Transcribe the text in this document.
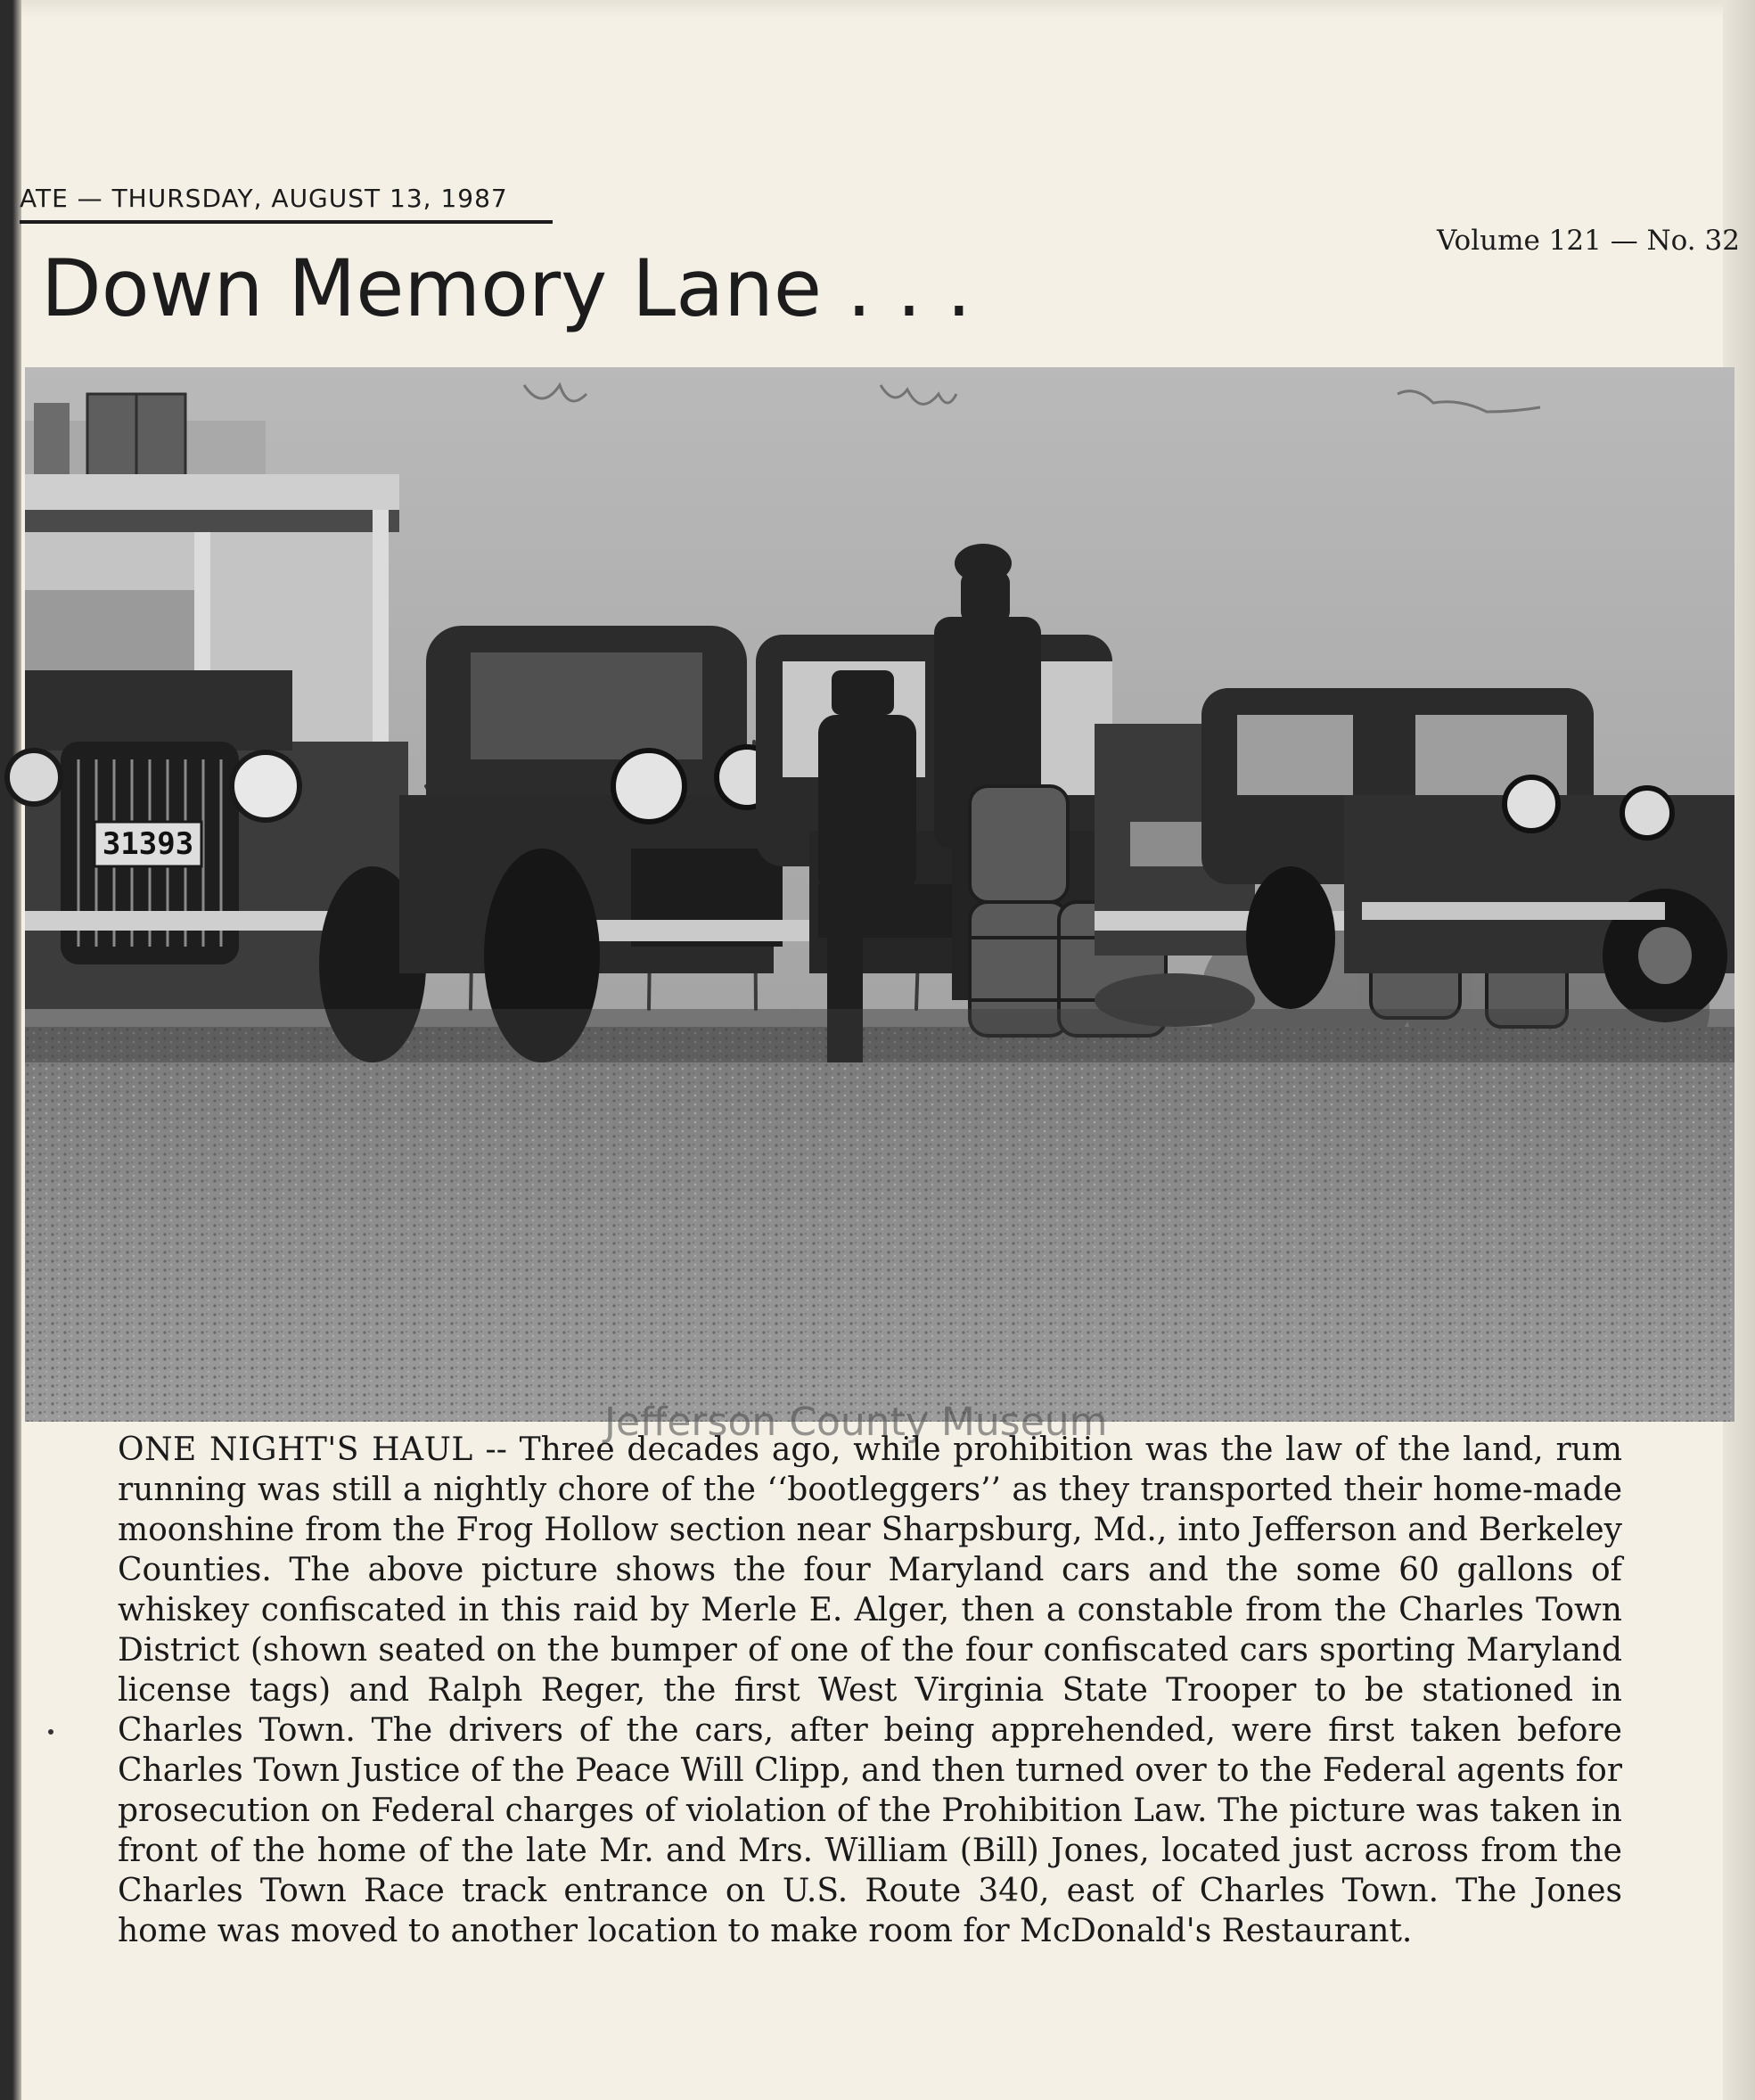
ATE — THURSDAY, AUGUST 13, 1987
Volume 121 — No. 32
Down Memory Lane . . .
31393
Jefferson County Museum
ONE NIGHT'S HAUL -- Three decades ago, while prohibition was the law of the land, rum running was still a nightly chore of the ‘‘bootleggers’’ as they transported their home-made moonshine from the Frog Hollow section near Sharpsburg, Md., into Jefferson and Berkeley Counties. The above picture shows the four Maryland cars and the some 60 gallons of whiskey confiscated in this raid by Merle E. Alger, then a constable from the Charles Town District (shown seated on the bumper of one of the four confiscated cars sporting Maryland license tags) and Ralph Reger, the first West Virginia State Trooper to be stationed in Charles Town. The drivers of the cars, after being apprehended, were first taken before Charles Town Justice of the Peace Will Clipp, and then turned over to the Federal agents for prosecution on Federal charges of violation of the Prohibition Law. The picture was taken in front of the home of the late Mr. and Mrs. William (Bill) Jones, located just across from the Charles Town Race track entrance on U.S. Route 340, east of Charles Town. The Jones home was moved to another location to make room for McDonald's Restaurant.
